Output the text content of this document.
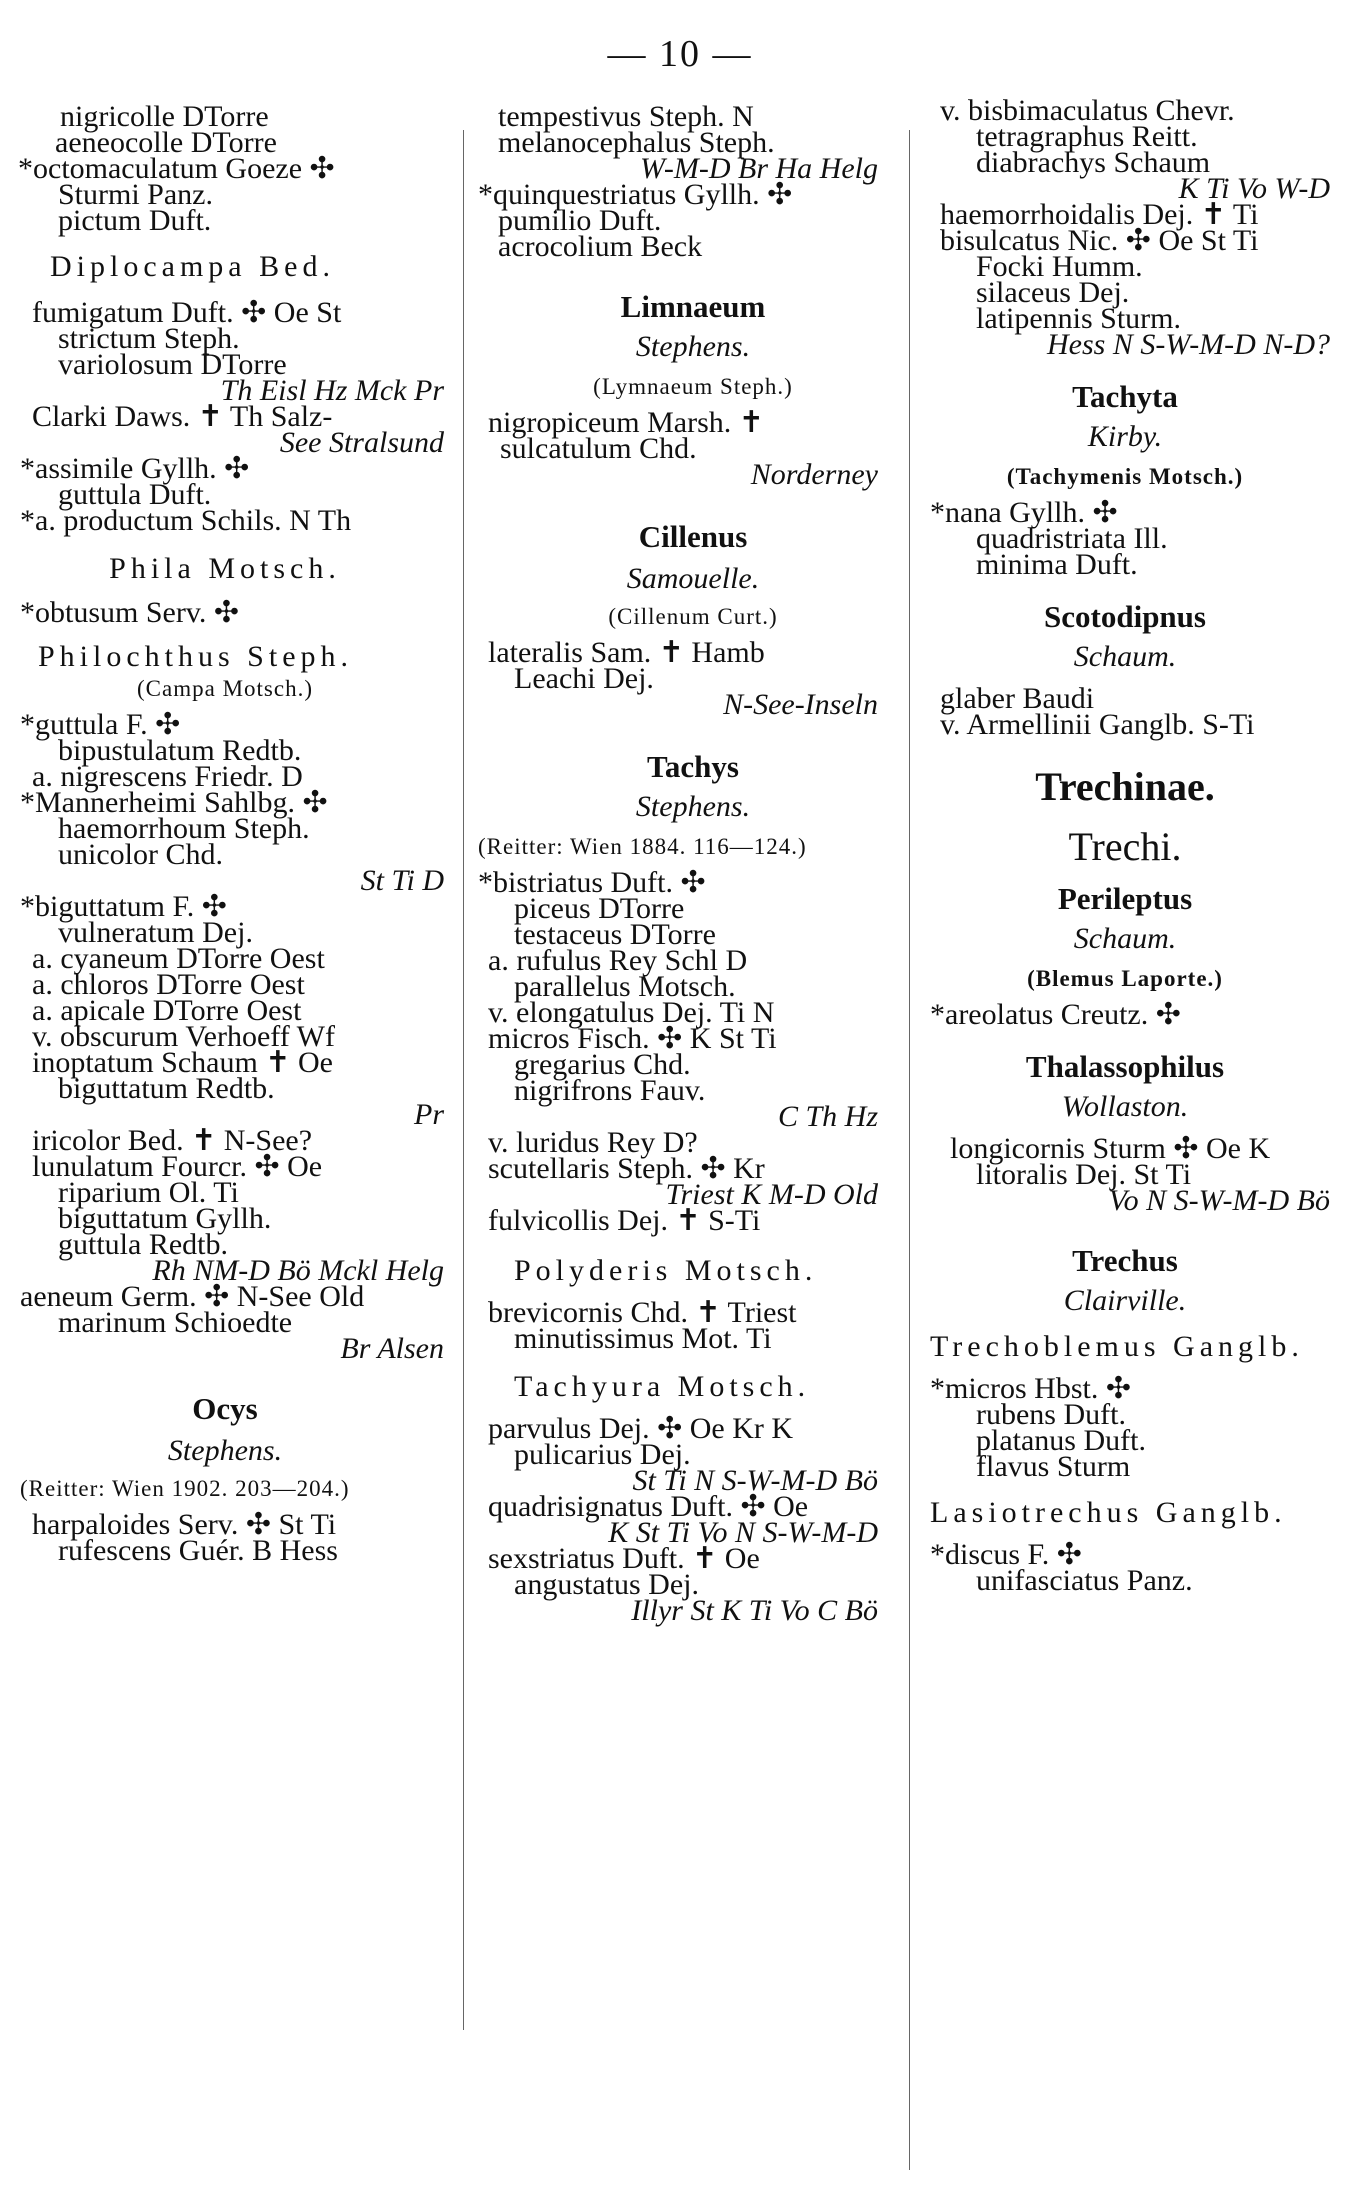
— 10 —
nigricolle DTorre
aeneocolle DTorre
*octomaculatum Goeze ✣
Sturmi Panz.
pictum Duft.
Diplocampa Bed.
fumigatum Duft. ✣ Oe St
strictum Steph.
variolosum DTorre
Th Eisl Hz Mck Pr
Clarki Daws. ✝ Th Salz-
See Stralsund
*assimile Gyllh. ✣
guttula Duft.
*a. productum Schils. N Th
Phila Motsch.
*obtusum Serv. ✣
Philochthus Steph.
(Campa Motsch.)
*guttula F. ✣
bipustulatum Redtb.
a. nigrescens Friedr. D
*Mannerheimi Sahlbg. ✣
haemorrhoum Steph.
unicolor Chd.
St Ti D
*biguttatum F. ✣
vulneratum Dej.
a. cyaneum DTorre Oest
a. chloros DTorre Oest
a. apicale DTorre Oest
v. obscurum Verhoeff Wf
inoptatum Schaum ✝ Oe
biguttatum Redtb.
Pr
iricolor Bed. ✝ N-See?
lunulatum Fourcr. ✣ Oe
riparium Ol. Ti
biguttatum Gyllh.
guttula Redtb.
Rh NM-D Bö Mckl Helg
aeneum Germ. ✣ N-See Old
marinum Schioedte
Br Alsen
Ocys
Stephens.
(Reitter: Wien 1902. 203—204.)
harpaloides Serv. ✣ St Ti
rufescens Guér. B Hess
tempestivus Steph. N
melanocephalus Steph.
W-M-D Br Ha Helg
*quinquestriatus Gyllh. ✣
pumilio Duft.
acrocolium Beck
Limnaeum
Stephens.
(Lymnaeum Steph.)
nigropiceum Marsh. ✝
sulcatulum Chd.
Norderney
Cillenus
Samouelle.
(Cillenum Curt.)
lateralis Sam. ✝ Hamb
Leachi Dej.
N-See-Inseln
Tachys
Stephens.
(Reitter: Wien 1884. 116—124.)
*bistriatus Duft. ✣
piceus DTorre
testaceus DTorre
a. rufulus Rey Schl D
parallelus Motsch.
v. elongatulus Dej. Ti N
micros Fisch. ✣ K St Ti
gregarius Chd.
nigrifrons Fauv.
C Th Hz
v. luridus Rey D?
scutellaris Steph. ✣ Kr
Triest K M-D Old
fulvicollis Dej. ✝ S-Ti
Polyderis Motsch.
brevicornis Chd. ✝ Triest
minutissimus Mot. Ti
Tachyura Motsch.
parvulus Dej. ✣ Oe Kr K
pulicarius Dej.
St Ti N S-W-M-D Bö
quadrisignatus Duft. ✣ Oe
K St Ti Vo N S-W-M-D
sexstriatus Duft. ✝ Oe
angustatus Dej.
Illyr St K Ti Vo C Bö
v. bisbimaculatus Chevr.
tetragraphus Reitt.
diabrachys Schaum
K Ti Vo W-D
haemorrhoidalis Dej. ✝ Ti
bisulcatus Nic. ✣ Oe St Ti
Focki Humm.
silaceus Dej.
latipennis Sturm.
Hess N S-W-M-D N-D?
Tachyta
Kirby.
(Tachymenis Motsch.)
*nana Gyllh. ✣
quadristriata Ill.
minima Duft.
Scotodipnus
Schaum.
glaber Baudi
v. Armellinii Ganglb. S-Ti
Trechinae.
Trechi.
Perileptus
Schaum.
(Blemus Laporte.)
*areolatus Creutz. ✣
Thalassophilus
Wollaston.
longicornis Sturm ✣ Oe K
litoralis Dej. St Ti
Vo N S-W-M-D Bö
Trechus
Clairville.
Trechoblemus Ganglb.
*micros Hbst. ✣
rubens Duft.
platanus Duft.
flavus Sturm
Lasiotrechus Ganglb.
*discus F. ✣
unifasciatus Panz.
